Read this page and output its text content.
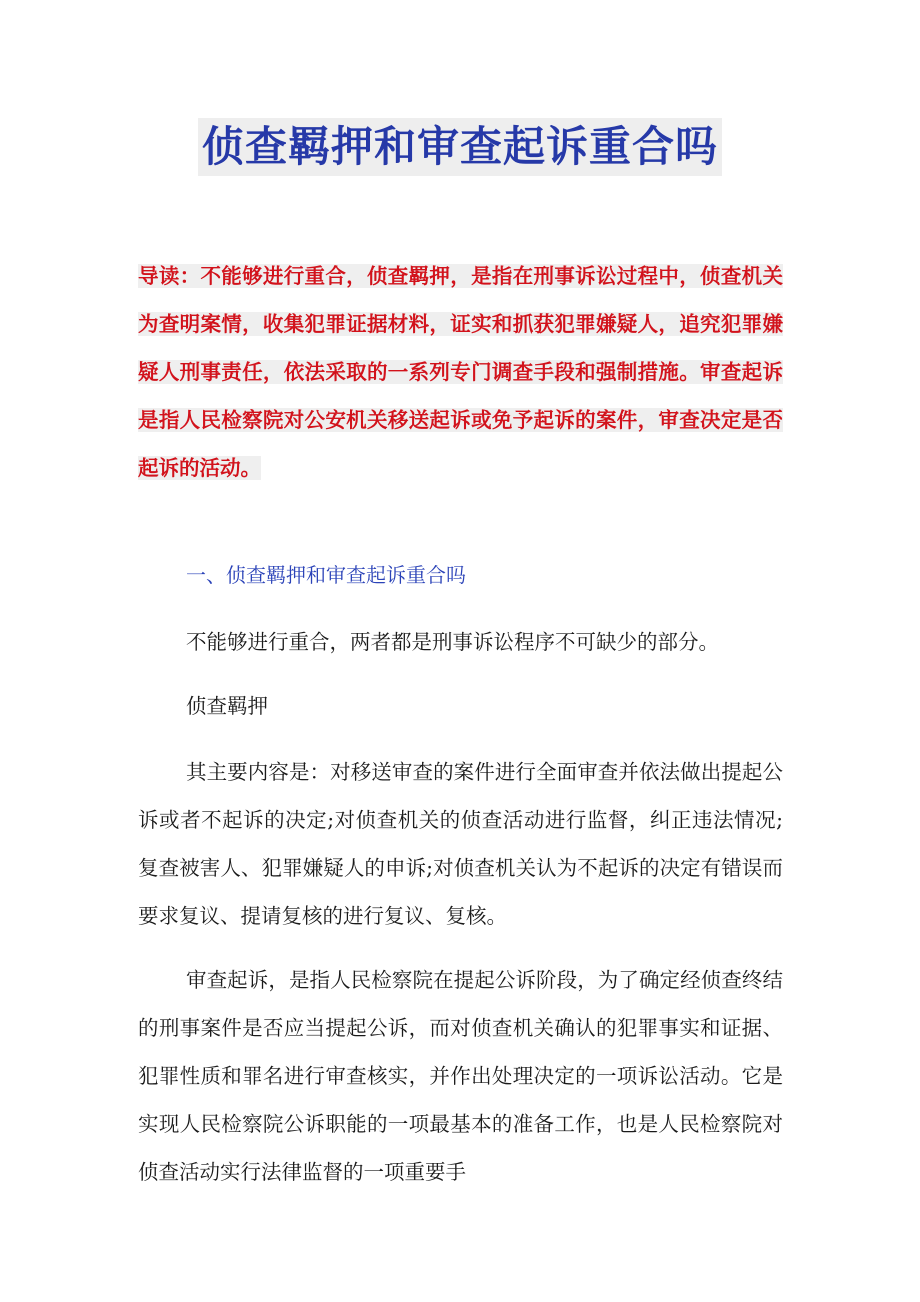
侦查羁押和审查起诉重合吗
导读：不能够进行重合，侦查羁押，是指在刑事诉讼过程中，侦查机关为查明案情，收集犯罪证据材料，证实和抓获犯罪嫌疑人，追究犯罪嫌疑人刑事责任，依法采取的一系列专门调查手段和强制措施。审查起诉是指人民检察院对公安机关移送起诉或免予起诉的案件，审查决定是否起诉的活动。
一、侦查羁押和审查起诉重合吗

不能够进行重合，两者都是刑事诉讼程序不可缺少的部分。

侦查羁押

其主要内容是：对移送审查的案件进行全面审查并依法做出提起公诉或者不起诉的决定;对侦查机关的侦查活动进行监督，纠正违法情况;复查被害人、犯罪嫌疑人的申诉;对侦查机关认为不起诉的决定有错误而要求复议、提请复核的进行复议、复核。

审查起诉，是指人民检察院在提起公诉阶段，为了确定经侦查终结的刑事案件是否应当提起公诉，而对侦查机关确认的犯罪事实和证据、犯罪性质和罪名进行审查核实，并作出处理决定的一项诉讼活动。它是实现人民检察院公诉职能的一项最基本的准备工作，也是人民检察院对侦查活动实行法律监督的一项重要手
